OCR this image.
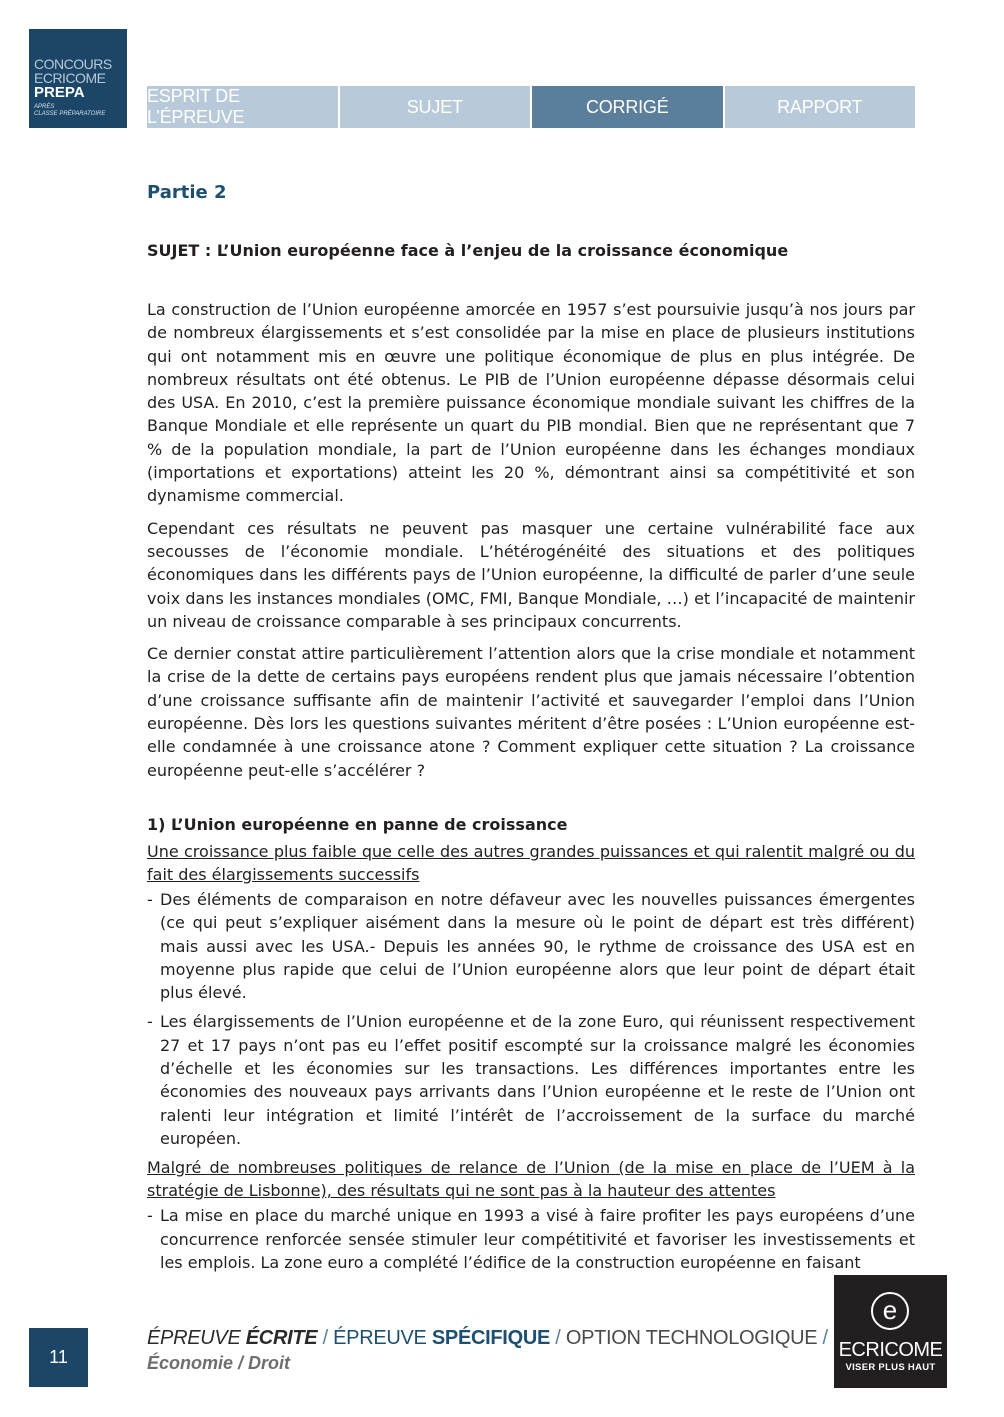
CONCOURS
ECRICOME
PREPA
APRÈS
CLASSE PRÉPARATOIRE
ESPRIT DE L’ÉPREUVE
SUJET	CORRIGÉ	RAPPORT
Partie 2
SUJET : L’Union européenne face à l’enjeu de la croissance économique

La construction de l’Union européenne amorcée en 1957 s’est poursuivie jusqu’à nos jours par de nombreux élargissements et s’est consolidée par la mise en place de plusieurs institutions qui ont notamment mis en œuvre une politique économique de plus en plus intégrée. De nombreux résultats ont été obtenus. Le PIB de l’Union européenne dépasse désormais celui des USA. En 2010, c’est la première puissance économique mondiale suivant les chiffres de la Banque Mondiale et elle représente un quart du PIB mondial. Bien que ne représentant que 7 % de la population mondiale, la part de l’Union européenne dans les échanges mondiaux (importations et exportations) atteint les 20 %, démontrant ainsi sa compétitivité et son dynamisme commercial.

Cependant ces résultats ne peuvent pas masquer une certaine vulnérabilité face aux secousses de l’économie mondiale. L’hétérogénéité des situations et des politiques économiques dans les différents pays de l’Union européenne, la difficulté de parler d’une seule voix dans les instances mondiales (OMC, FMI, Banque Mondiale, …) et l’incapacité de maintenir un niveau de croissance comparable à ses principaux concurrents.

Ce dernier constat attire particulièrement l’attention alors que la crise mondiale et notamment la crise de la dette de certains pays européens rendent plus que jamais nécessaire l’obtention d’une croissance suffisante afin de maintenir l’activité et sauvegarder l’emploi dans l’Union européenne. Dès lors les questions suivantes méritent d’être posées : L’Union européenne est-elle condamnée à une croissance atone ? Comment expliquer cette situation ? La croissance européenne peut-elle s’accélérer ?

1) L’Union européenne en panne de croissance
Une croissance plus faible que celle des autres grandes puissances et qui ralentit malgré ou du fait des élargissements successifs
- Des éléments de comparaison en notre défaveur avec les nouvelles puissances émergentes (ce qui peut s’expliquer aisément dans la mesure où le point de départ est très différent) mais aussi avec les USA.- Depuis les années 90, le rythme de croissance des USA est en moyenne plus rapide que celui de l’Union européenne alors que leur point de départ était plus élevé.
- Les élargissements de l’Union européenne et de la zone Euro, qui réunissent respectivement 27 et 17 pays n’ont pas eu l’effet positif escompté sur la croissance malgré les économies d’échelle et les économies sur les transactions. Les différences importantes entre les économies des nouveaux pays arrivants dans l’Union européenne et le reste de l’Union ont ralenti leur intégration et limité l’intérêt de l’accroissement de la surface du marché européen.
Malgré de nombreuses politiques de relance de l’Union (de la mise en place de l’UEM à la stratégie de Lisbonne), des résultats qui ne sont pas à la hauteur des attentes
- La mise en place du marché unique en 1993 a visé à faire profiter les pays européens d’une concurrence renforcée sensée stimuler leur compétitivité et favoriser les investissements et les emplois. La zone euro a complété l’édifice de la construction européenne en faisant
11
ÉPREUVE ÉCRITE / ÉPREUVE SPÉCIFIQUE / OPTION TECHNOLOGIQUE /
Économie / Droit
e
ECRICOME
VISER PLUS HAUT
